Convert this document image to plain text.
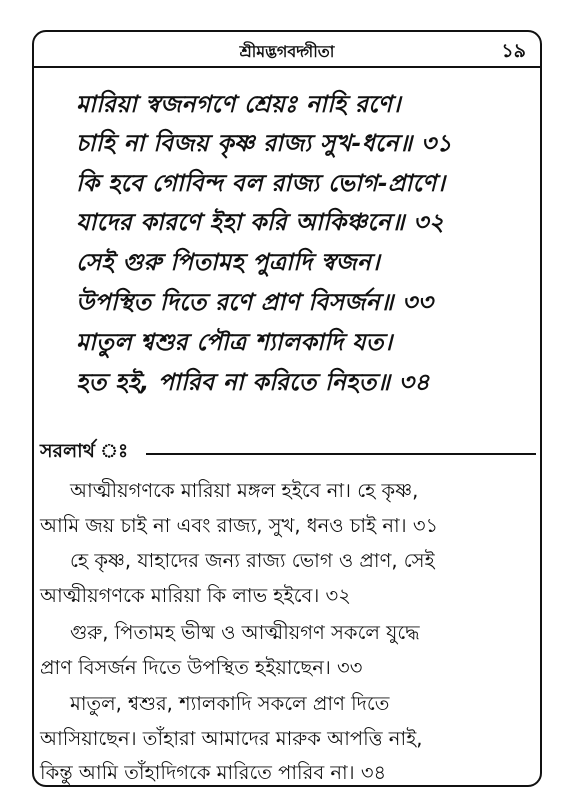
শ্রীমদ্ভগবদ্গীতা	১৯
মারিয়া স্বজনগণে শ্রেয়ঃ নাহি রণে।
চাহি না বিজয় কৃষ্ণ রাজ্য সুখ-ধনে॥ ৩১
কি হবে গোবিন্দ বল রাজ্য ভোগ-প্রাণে।
যাদের কারণে ইহা করি আকিঞ্চনে॥ ৩২
সেই গুরু পিতামহ পুত্রাদি স্বজন।
উপস্থিত দিতে রণে প্রাণ বিসর্জন॥ ৩৩
মাতুল শ্বশুর পৌত্র শ্যালকাদি যত।
হত হই, পারিব না করিতে নিহত॥ ৩৪
সরলার্থ ঃ
আত্মীয়গণকে মারিয়া মঙ্গল হইবে না। হে কৃষ্ণ,
আমি জয় চাই না এবং রাজ্য, সুখ, ধনও চাই না। ৩১
হে কৃষ্ণ, যাহাদের জন্য রাজ্য ভোগ ও প্রাণ, সেই
আত্মীয়গণকে মারিয়া কি লাভ হইবে। ৩২
গুরু, পিতামহ ভীষ্ম ও আত্মীয়গণ সকলে যুদ্ধে
প্রাণ বিসর্জন দিতে উপস্থিত হইয়াছেন। ৩৩
মাতুল, শ্বশুর, শ্যালকাদি সকলে প্রাণ দিতে
আসিয়াছেন। তাঁহারা আমাদের মারুক আপত্তি নাই,
কিন্তু আমি তাঁহাদিগকে মারিতে পারিব না। ৩৪
